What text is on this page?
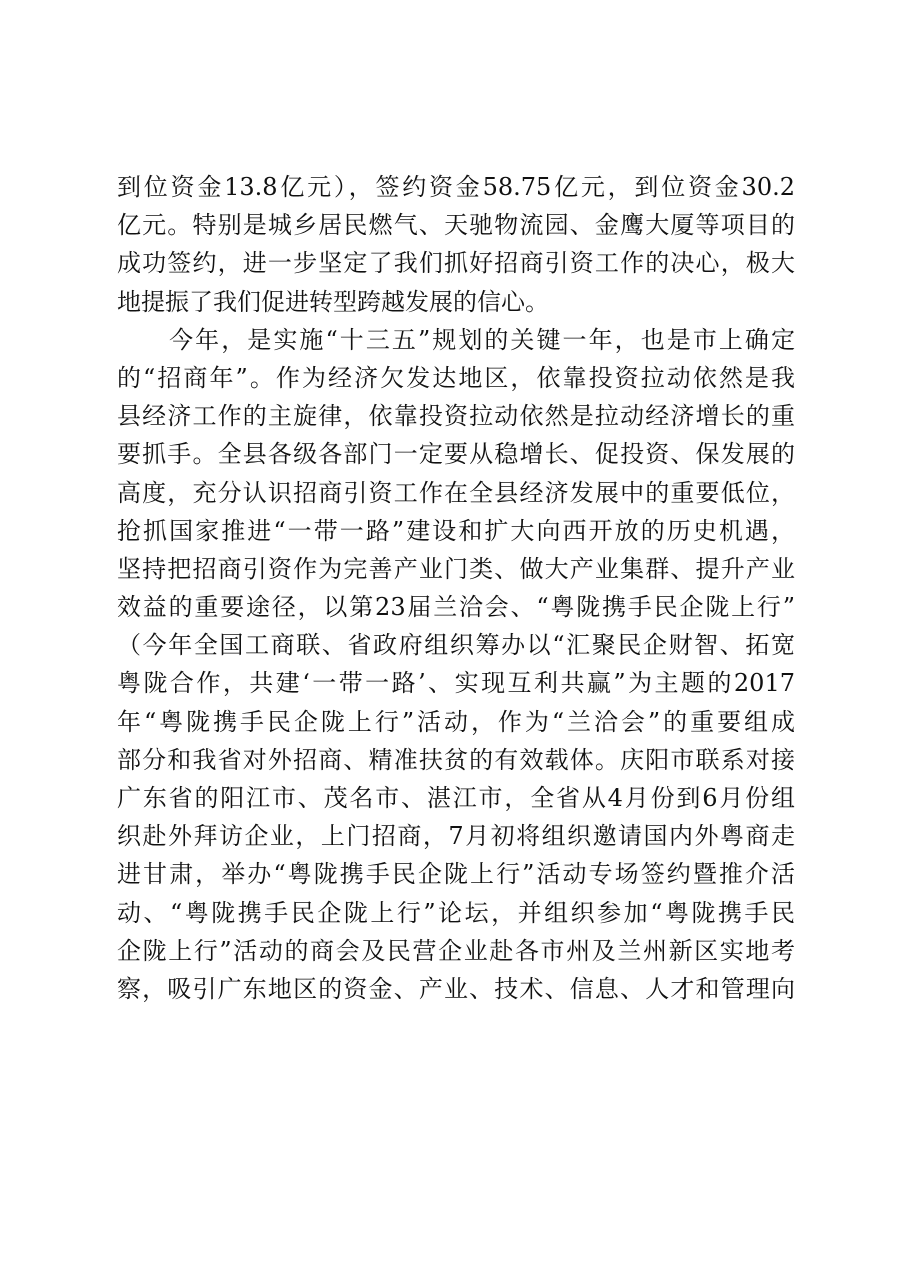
到位资金13.8亿元），签约资金58.75亿元，到位资金30.2
亿元。特别是城乡居民燃气、天驰物流园、金鹰大厦等项目的
成功签约，进一步坚定了我们抓好招商引资工作的决心，极大
地提振了我们促进转型跨越发展的信心。
　　今年，是实施“十三五”规划的关键一年，也是市上确定
的“招商年”。作为经济欠发达地区，依靠投资拉动依然是我
县经济工作的主旋律，依靠投资拉动依然是拉动经济增长的重
要抓手。全县各级各部门一定要从稳增长、促投资、保发展的
高度，充分认识招商引资工作在全县经济发展中的重要低位，
抢抓国家推进“一带一路”建设和扩大向西开放的历史机遇，
坚持把招商引资作为完善产业门类、做大产业集群、提升产业
效益的重要途径，以第23届兰洽会、“粤陇携手民企陇上行”
（今年全国工商联、省政府组织筹办以“汇聚民企财智、拓宽
粤陇合作，共建‘一带一路’、实现互利共赢”为主题的2017
年“粤陇携手民企陇上行”活动，作为“兰洽会”的重要组成
部分和我省对外招商、精准扶贫的有效载体。庆阳市联系对接
广东省的阳江市、茂名市、湛江市，全省从4月份到6月份组
织赴外拜访企业，上门招商，7月初将组织邀请国内外粤商走
进甘肃，举办“粤陇携手民企陇上行”活动专场签约暨推介活
动、“粤陇携手民企陇上行”论坛，并组织参加“粤陇携手民
企陇上行”活动的商会及民营企业赴各市州及兰州新区实地考
察，吸引广东地区的资金、产业、技术、信息、人才和管理向
